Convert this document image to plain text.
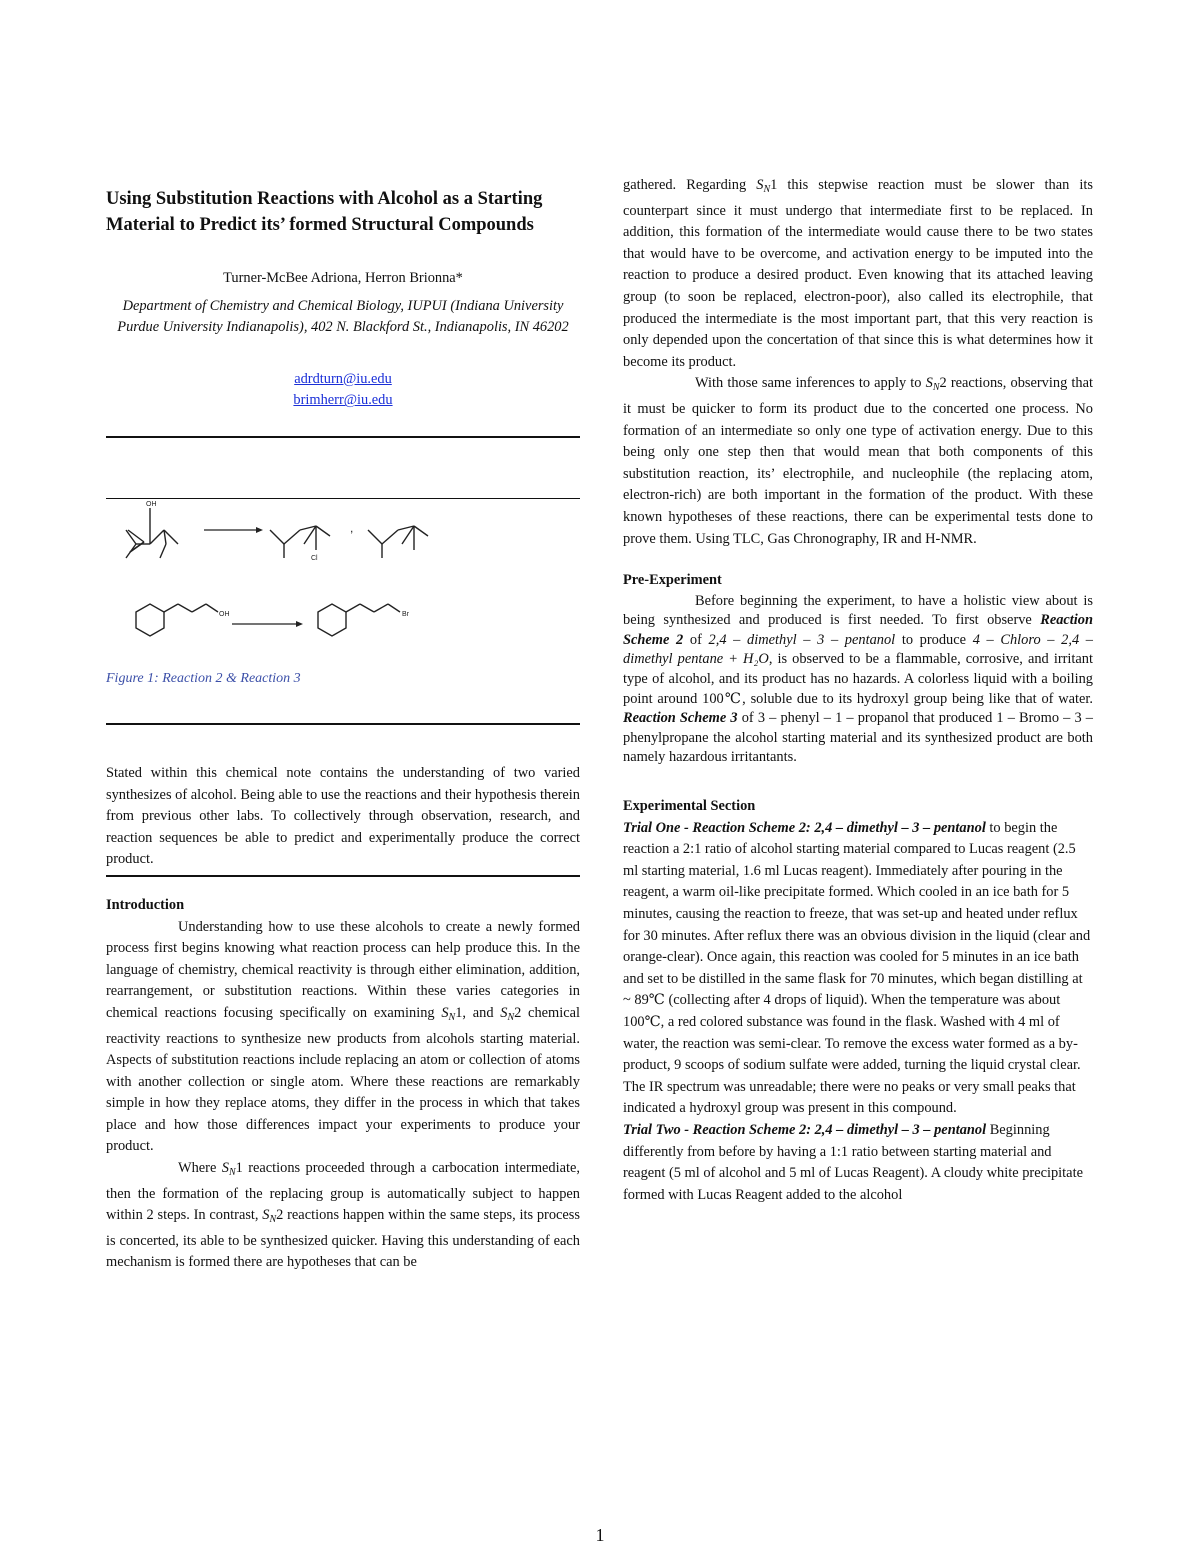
Using Substitution Reactions with Alcohol as a Starting Material to Predict its’ formed Structural Compounds
Turner-McBee Adriona, Herron Brionna*
Department of Chemistry and Chemical Biology, IUPUI (Indiana University Purdue University Indianapolis), 402 N. Blackford St., Indianapolis, IN 46202
adrdturn@iu.edu
brimherr@iu.edu
OH
Cl
,
OH	Br
Figure 1: Reaction 2 & Reaction 3

Stated within this chemical note contains the understanding of two varied synthesizes of alcohol. Being able to use the reactions and their hypothesis therein from previous other labs. To collectively through observation, research, and reaction sequences be able to predict and experimentally produce the correct product.

Introduction

Understanding how to use these alcohols to create a newly formed process first begins knowing what reaction process can help produce this. In the language of chemistry, chemical reactivity is through either elimination, addition, rearrangement, or substitution reactions. Within these varies categories in chemical reactions focusing specifically on examining $S_N1$, and $S_N2$ chemical reactivity reactions to synthesize new products from alcohols starting material. Aspects of substitution reactions include replacing an atom or collection of atoms with another collection or single atom. Where these reactions are remarkably simple in how they replace atoms, they differ in the process in which that takes place and how those differences impact your experiments to produce your product.

Where $S_N1$ reactions proceeded through a carbocation intermediate, then the formation of the replacing group is automatically subject to happen within 2 steps. In contrast, $S_N2$ reactions happen within the same steps, its process is concerted, its able to be synthesized quicker. Having this understanding of each mechanism is formed there are hypotheses that can be

gathered. Regarding $S_N1$ this stepwise reaction must be slower than its counterpart since it must undergo that intermediate first to be replaced. In addition, this formation of the intermediate would cause there to be two states that would have to be overcome, and activation energy to be imputed into the reaction to produce a desired product. Even knowing that its attached leaving group (to soon be replaced, electron-poor), also called its electrophile, that produced the intermediate is the most important part, that this very reaction is only depended upon the concertation of that since this is what determines how it become its product.

With those same inferences to apply to $S_N2$ reactions, observing that it must be quicker to form its product due to the concerted one process. No formation of an intermediate so only one type of activation energy. Due to this being only one step then that would mean that both components of this substitution reaction, its’ electrophile, and nucleophile (the replacing atom, electron-rich) are both important in the formation of the product. With these known hypotheses of these reactions, there can be experimental tests done to prove them. Using TLC, Gas Chronography, IR and H-NMR.

Pre-Experiment

Before beginning the experiment, to have a holistic view about is being synthesized and produced is first needed. To first observe Reaction Scheme 2 of 2,4 – dimethyl – 3 – pentanol to produce 4 – Chloro – 2,4 – dimethyl pentane + H₂O, is observed to be a flammable, corrosive, and irritant type of alcohol, and its product has no hazards. A colorless liquid with a boiling point around 100℃, soluble due to its hydroxyl group being like that of water. Reaction Scheme 3 of 3 – phenyl – 1 – propanol that produced 1 – Bromo – 3 – phenylpropane the alcohol starting material and its synthesized product are both namely hazardous irritantants.

Experimental Section

Trial One - Reaction Scheme 2: 2,4 – dimethyl – 3 – pentanol to begin the reaction a 2:1 ratio of alcohol starting material compared to Lucas reagent (2.5 ml starting material, 1.6 ml Lucas reagent). Immediately after pouring in the reagent, a warm oil-like precipitate formed. Which cooled in an ice bath for 5 minutes, causing the reaction to freeze, that was set-up and heated under reflux for 30 minutes. After reflux there was an obvious division in the liquid (clear and orange-clear). Once again, this reaction was cooled for 5 minutes in an ice bath and set to be distilled in the same flask for 70 minutes, which began distilling at ~ 89℃ (collecting after 4 drops of liquid). When the temperature was about 100℃, a red colored substance was found in the flask. Washed with 4 ml of water, the reaction was semi-clear. To remove the excess water formed as a by-product, 9 scoops of sodium sulfate were added, turning the liquid crystal clear. The IR spectrum was unreadable; there were no peaks or very small peaks that indicated a hydroxyl group was present in this compound.

Trial Two - Reaction Scheme 2: 2,4 – dimethyl – 3 – pentanol Beginning differently from before by having a 1:1 ratio between starting material and reagent (5 ml of alcohol and 5 ml of Lucas Reagent). A cloudy white precipitate formed with Lucas Reagent added to the alcohol

1
